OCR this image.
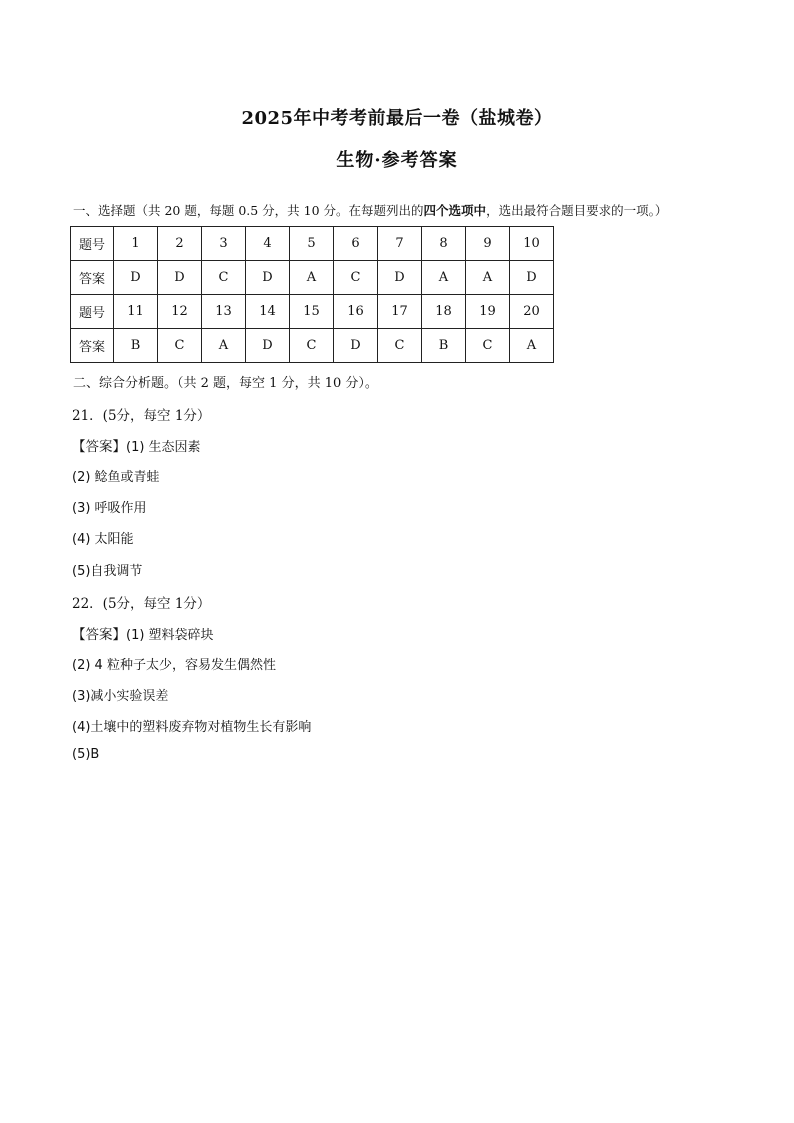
2025年中考考前最后一卷（盐城卷）
生物·参考答案
一、选择题（共 20 题，每题 0.5 分，共 10 分。在每题列出的四个选项中，选出最符合题目要求的一项。）
题号	1	2	3	4	5	6	7	8	9	10
答案	D	D	C	D	A	C	D	A	A	D
题号	11	12	13	14	15	16	17	18	19	20
答案	B	C	A	D	C	D	C	B	C	A
二、综合分析题。（共 2 题，每空 1 分，共 10 分）。
21．(5分，每空 1分）
【答案】(1) 生态因素
(2) 鲶鱼或青蛙
(3) 呼吸作用
(4) 太阳能
(5)自我调节
22．(5分，每空 1分）
【答案】(1) 塑料袋碎块
(2) 4 粒种子太少，容易发生偶然性
(3)减小实验误差
(4)土壤中的塑料废弃物对植物生长有影响
(5)B
